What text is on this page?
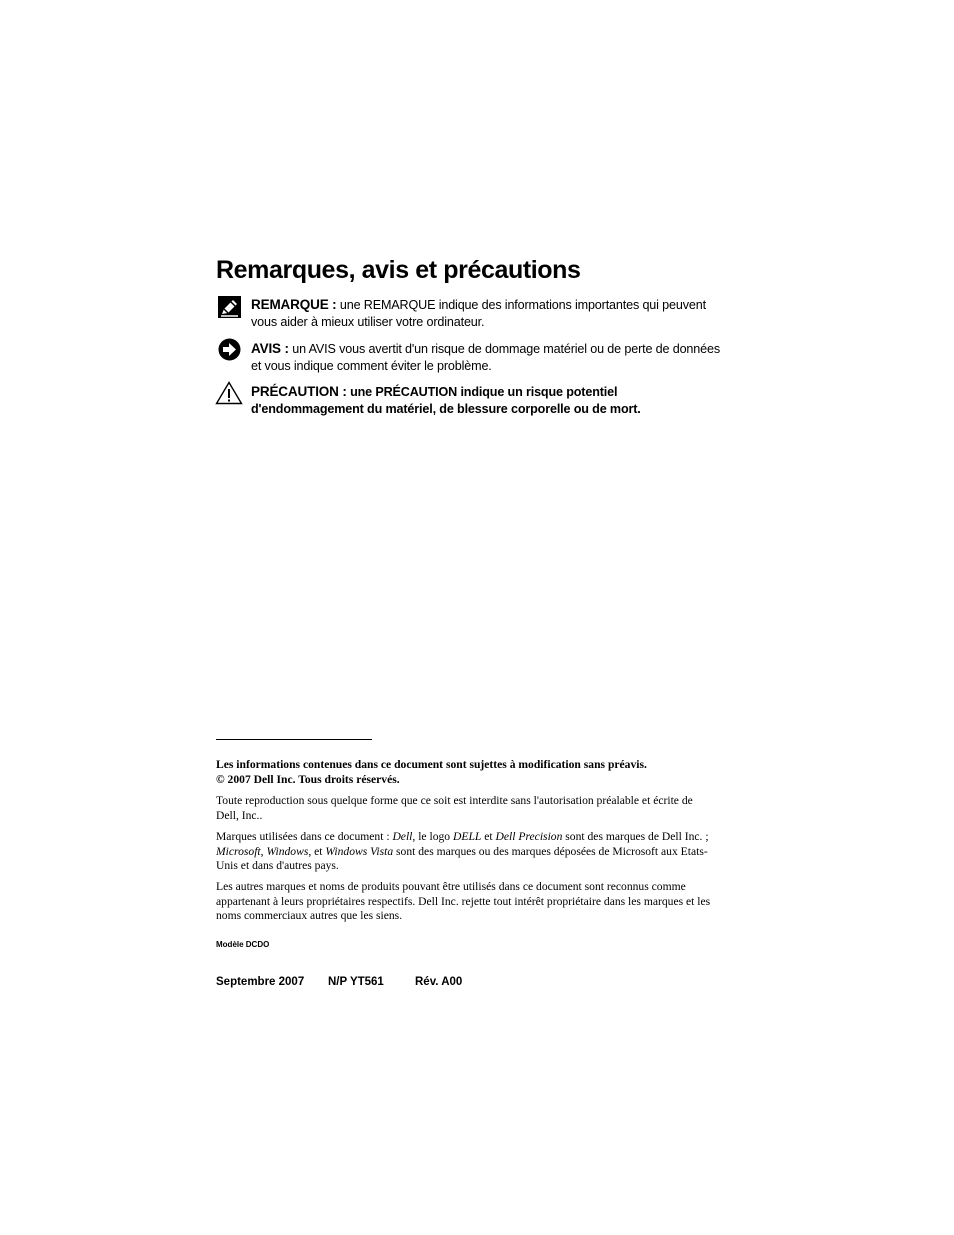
Remarques, avis et précautions
REMARQUE : une REMARQUE indique des informations importantes qui peuvent vous aider à mieux utiliser votre ordinateur.
AVIS : un AVIS vous avertit d'un risque de dommage matériel ou de perte de données et vous indique comment éviter le problème.
PRÉCAUTION : une PRÉCAUTION indique un risque potentiel d'endommagement du matériel, de blessure corporelle ou de mort.
Les informations contenues dans ce document sont sujettes à modification sans préavis.
© 2007 Dell Inc. Tous droits réservés.
Toute reproduction sous quelque forme que ce soit est interdite sans l'autorisation préalable et écrite de Dell, Inc..
Marques utilisées dans ce document : Dell, le logo DELL et Dell Precision sont des marques de Dell Inc. ; Microsoft, Windows, et Windows Vista sont des marques ou des marques déposées de Microsoft aux Etats-Unis et dans d'autres pays.
Les autres marques et noms de produits pouvant être utilisés dans ce document sont reconnus comme appartenant à leurs propriétaires respectifs. Dell Inc. rejette tout intérêt propriétaire dans les marques et les noms commerciaux autres que les siens.
Modèle DCDO
Septembre 2007 N/P YT561	Rév. A00
